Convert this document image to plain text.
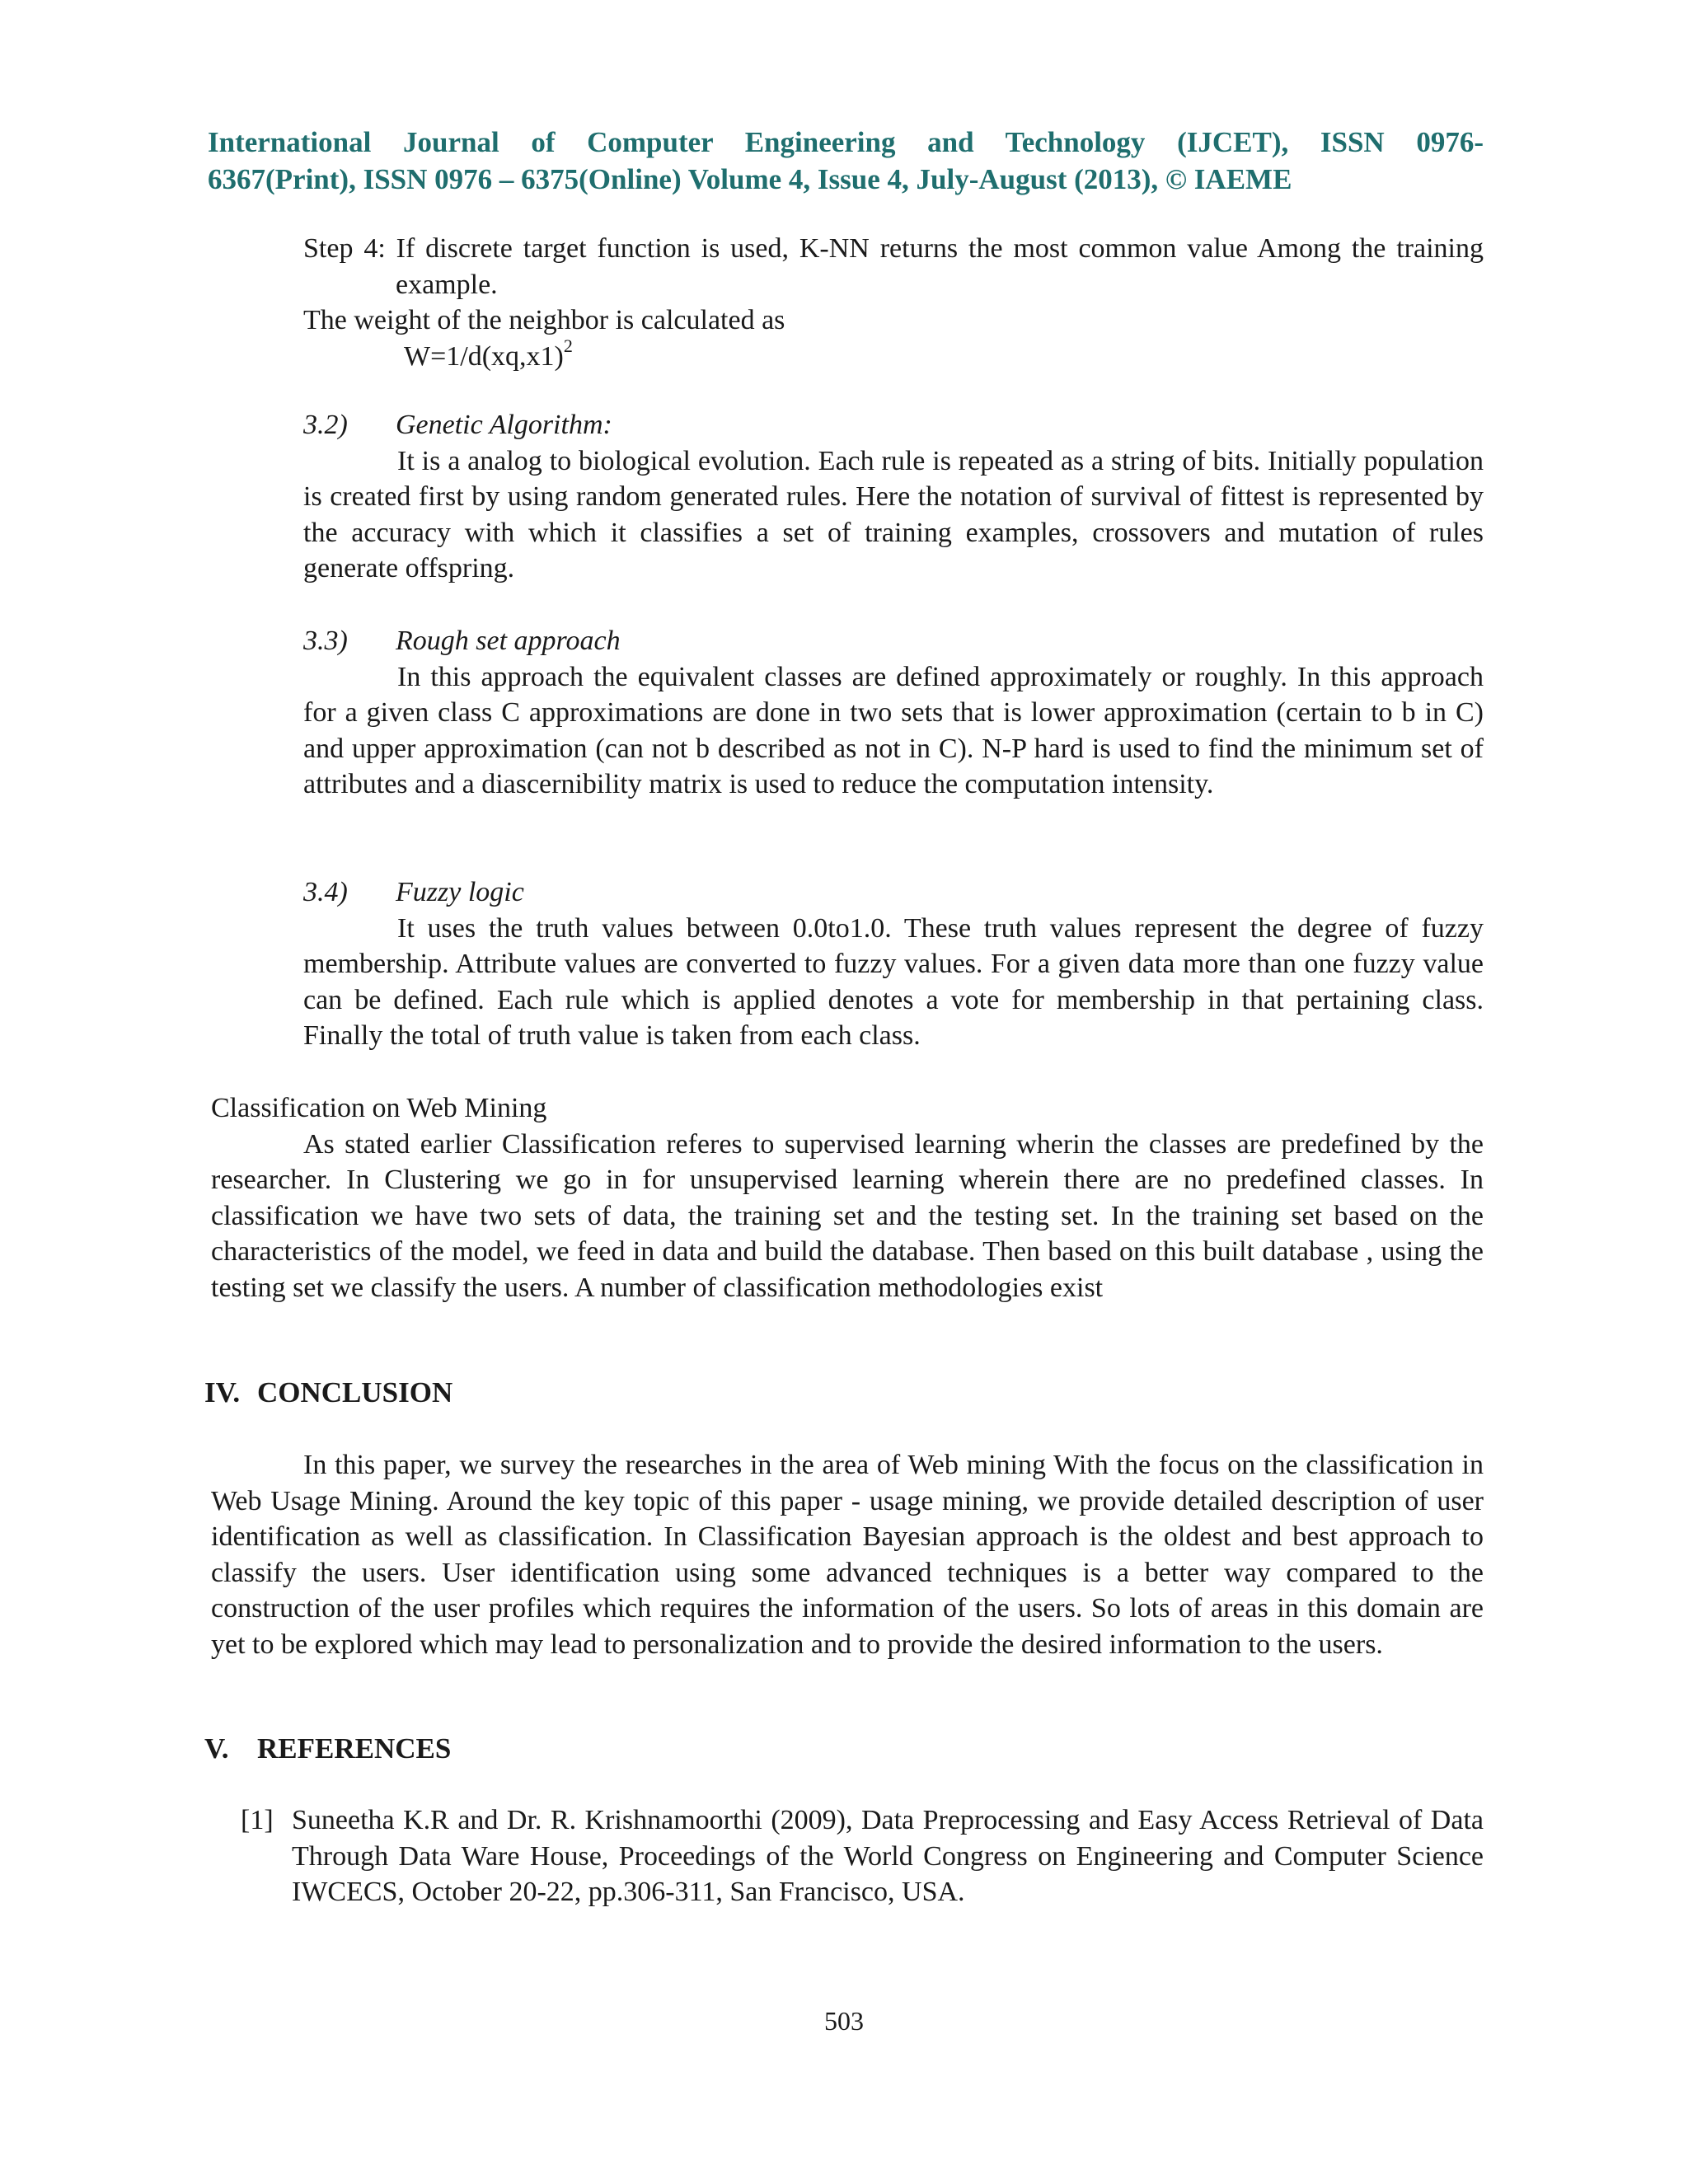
International Journal of Computer Engineering and Technology (IJCET), ISSN 0976-
6367(Print), ISSN 0976 – 6375(Online) Volume 4, Issue 4, July-August (2013), © IAEME

Step 4: If discrete target function is used, K-NN returns the most common value Among the training example.

The weight of the neighbor is calculated as

$W=1/d(xq,x1)^2$

3.2) Genetic Algorithm:

It is a analog to biological evolution. Each rule is repeated as a string of bits. Initially population is created first by using random generated rules. Here the notation of survival of fittest is represented by the accuracy with which it classifies a set of training examples, crossovers and mutation of rules generate offspring.

3.3) Rough set approach

In this approach the equivalent classes are defined approximately or roughly. In this approach for a given class C approximations are done in two sets that is lower approximation (certain to b in C) and upper approximation (can not b described as not in C). N-P hard is used to find the minimum set of attributes and a diascernibility matrix is used to reduce the computation intensity.

3.4) Fuzzy logic

It uses the truth values between 0.0to1.0. These truth values represent the degree of fuzzy membership. Attribute values are converted to fuzzy values. For a given data more than one fuzzy value can be defined. Each rule which is applied denotes a vote for membership in that pertaining class. Finally the total of truth value is taken from each class.

Classification on Web Mining

As stated earlier Classification referes to supervised learning wherin the classes are predefined by the researcher. In Clustering we go in for unsupervised learning wherein there are no predefined classes. In classification we have two sets of data, the training set and the testing set. In the training set based on the characteristics of the model, we feed in data and build the database. Then based on this built database , using the testing set we classify the users. A number of classification methodologies exist

IV. CONCLUSION

In this paper, we survey the researches in the area of Web mining With the focus on the classification in Web Usage Mining. Around the key topic of this paper - usage mining, we provide detailed description of user identification as well as classification. In Classification Bayesian approach is the oldest and best approach to classify the users. User identification using some advanced techniques is a better way compared to the construction of the user profiles which requires the information of the users. So lots of areas in this domain are yet to be explored which may lead to personalization and to provide the desired information to the users.

V. REFERENCES
[1] Suneetha K.R and Dr. R. Krishnamoorthi (2009), Data Preprocessing and Easy Access Retrieval of Data Through Data Ware House, Proceedings of the World Congress on Engineering and Computer Science IWCECS, October 20-22, pp.306-311, San Francisco, USA.
503
